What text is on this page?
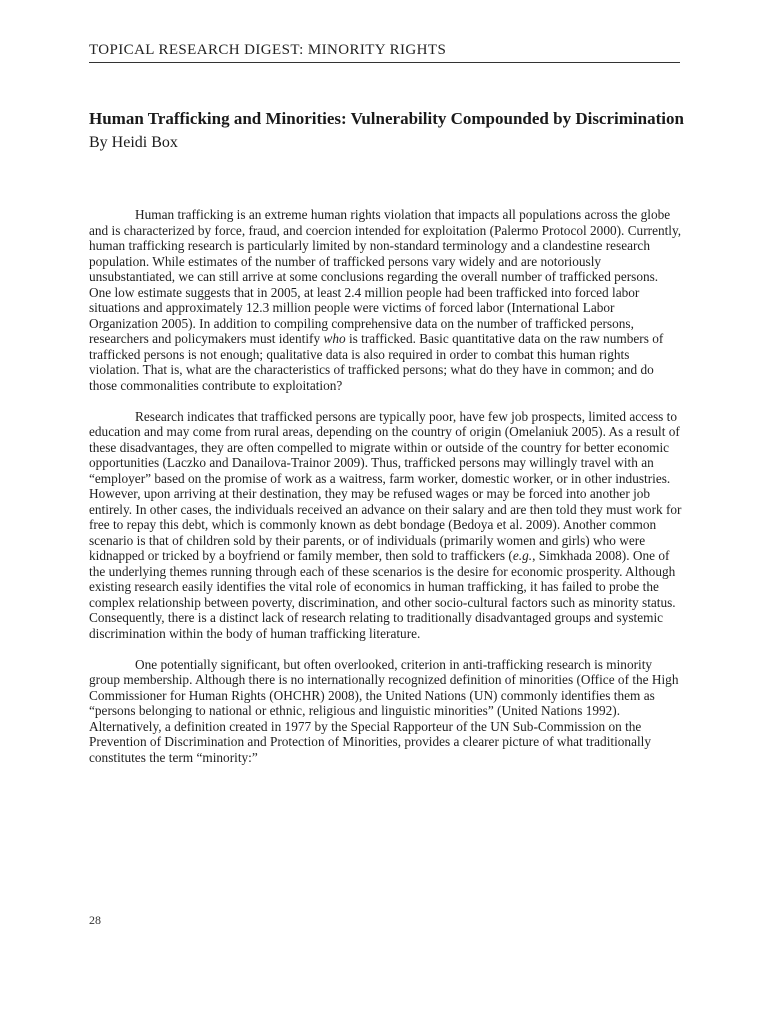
TOPICAL RESEARCH DIGEST: MINORITY RIGHTS
Human Trafficking and Minorities: Vulnerability Compounded by Discrimination
By Heidi Box

Human trafficking is an extreme human rights violation that impacts all populations across the globe and is characterized by force, fraud, and coercion intended for exploitation (Palermo Protocol 2000). Currently, human trafficking research is particularly limited by non-standard terminology and a clandestine research population. While estimates of the number of trafficked persons vary widely and are notoriously unsubstantiated, we can still arrive at some conclusions regarding the overall number of trafficked persons. One low estimate suggests that in 2005, at least 2.4 million people had been trafficked into forced labor situations and approximately 12.3 million people were victims of forced labor (International Labor Organization 2005). In addition to compiling comprehensive data on the number of trafficked persons, researchers and policymakers must identify who is trafficked. Basic quantitative data on the raw numbers of trafficked persons is not enough; qualitative data is also required in order to combat this human rights violation. That is, what are the characteristics of trafficked persons; what do they have in common; and do those commonalities contribute to exploitation?

Research indicates that trafficked persons are typically poor, have few job prospects, limited access to education and may come from rural areas, depending on the country of origin (Omelaniuk 2005). As a result of these disadvantages, they are often compelled to migrate within or outside of the country for better economic opportunities (Laczko and Danailova-Trainor 2009). Thus, trafficked persons may willingly travel with an “employer” based on the promise of work as a waitress, farm worker, domestic worker, or in other industries. However, upon arriving at their destination, they may be refused wages or may be forced into another job entirely. In other cases, the individuals received an advance on their salary and are then told they must work for free to repay this debt, which is commonly known as debt bondage (Bedoya et al. 2009). Another common scenario is that of children sold by their parents, or of individuals (primarily women and girls) who were kidnapped or tricked by a boyfriend or family member, then sold to traffickers (e.g., Simkhada 2008). One of the underlying themes running through each of these scenarios is the desire for economic prosperity. Although existing research easily identifies the vital role of economics in human trafficking, it has failed to probe the complex relationship between poverty, discrimination, and other socio-cultural factors such as minority status. Consequently, there is a distinct lack of research relating to traditionally disadvantaged groups and systemic discrimination within the body of human trafficking literature.

One potentially significant, but often overlooked, criterion in anti-trafficking research is minority group membership. Although there is no internationally recognized definition of minorities (Office of the High Commissioner for Human Rights (OHCHR) 2008), the United Nations (UN) commonly identifies them as “persons belonging to national or ethnic, religious and linguistic minorities” (United Nations 1992). Alternatively, a definition created in 1977 by the Special Rapporteur of the UN Sub-Commission on the Prevention of Discrimination and Protection of Minorities, provides a clearer picture of what traditionally constitutes the term “minority:”

28
